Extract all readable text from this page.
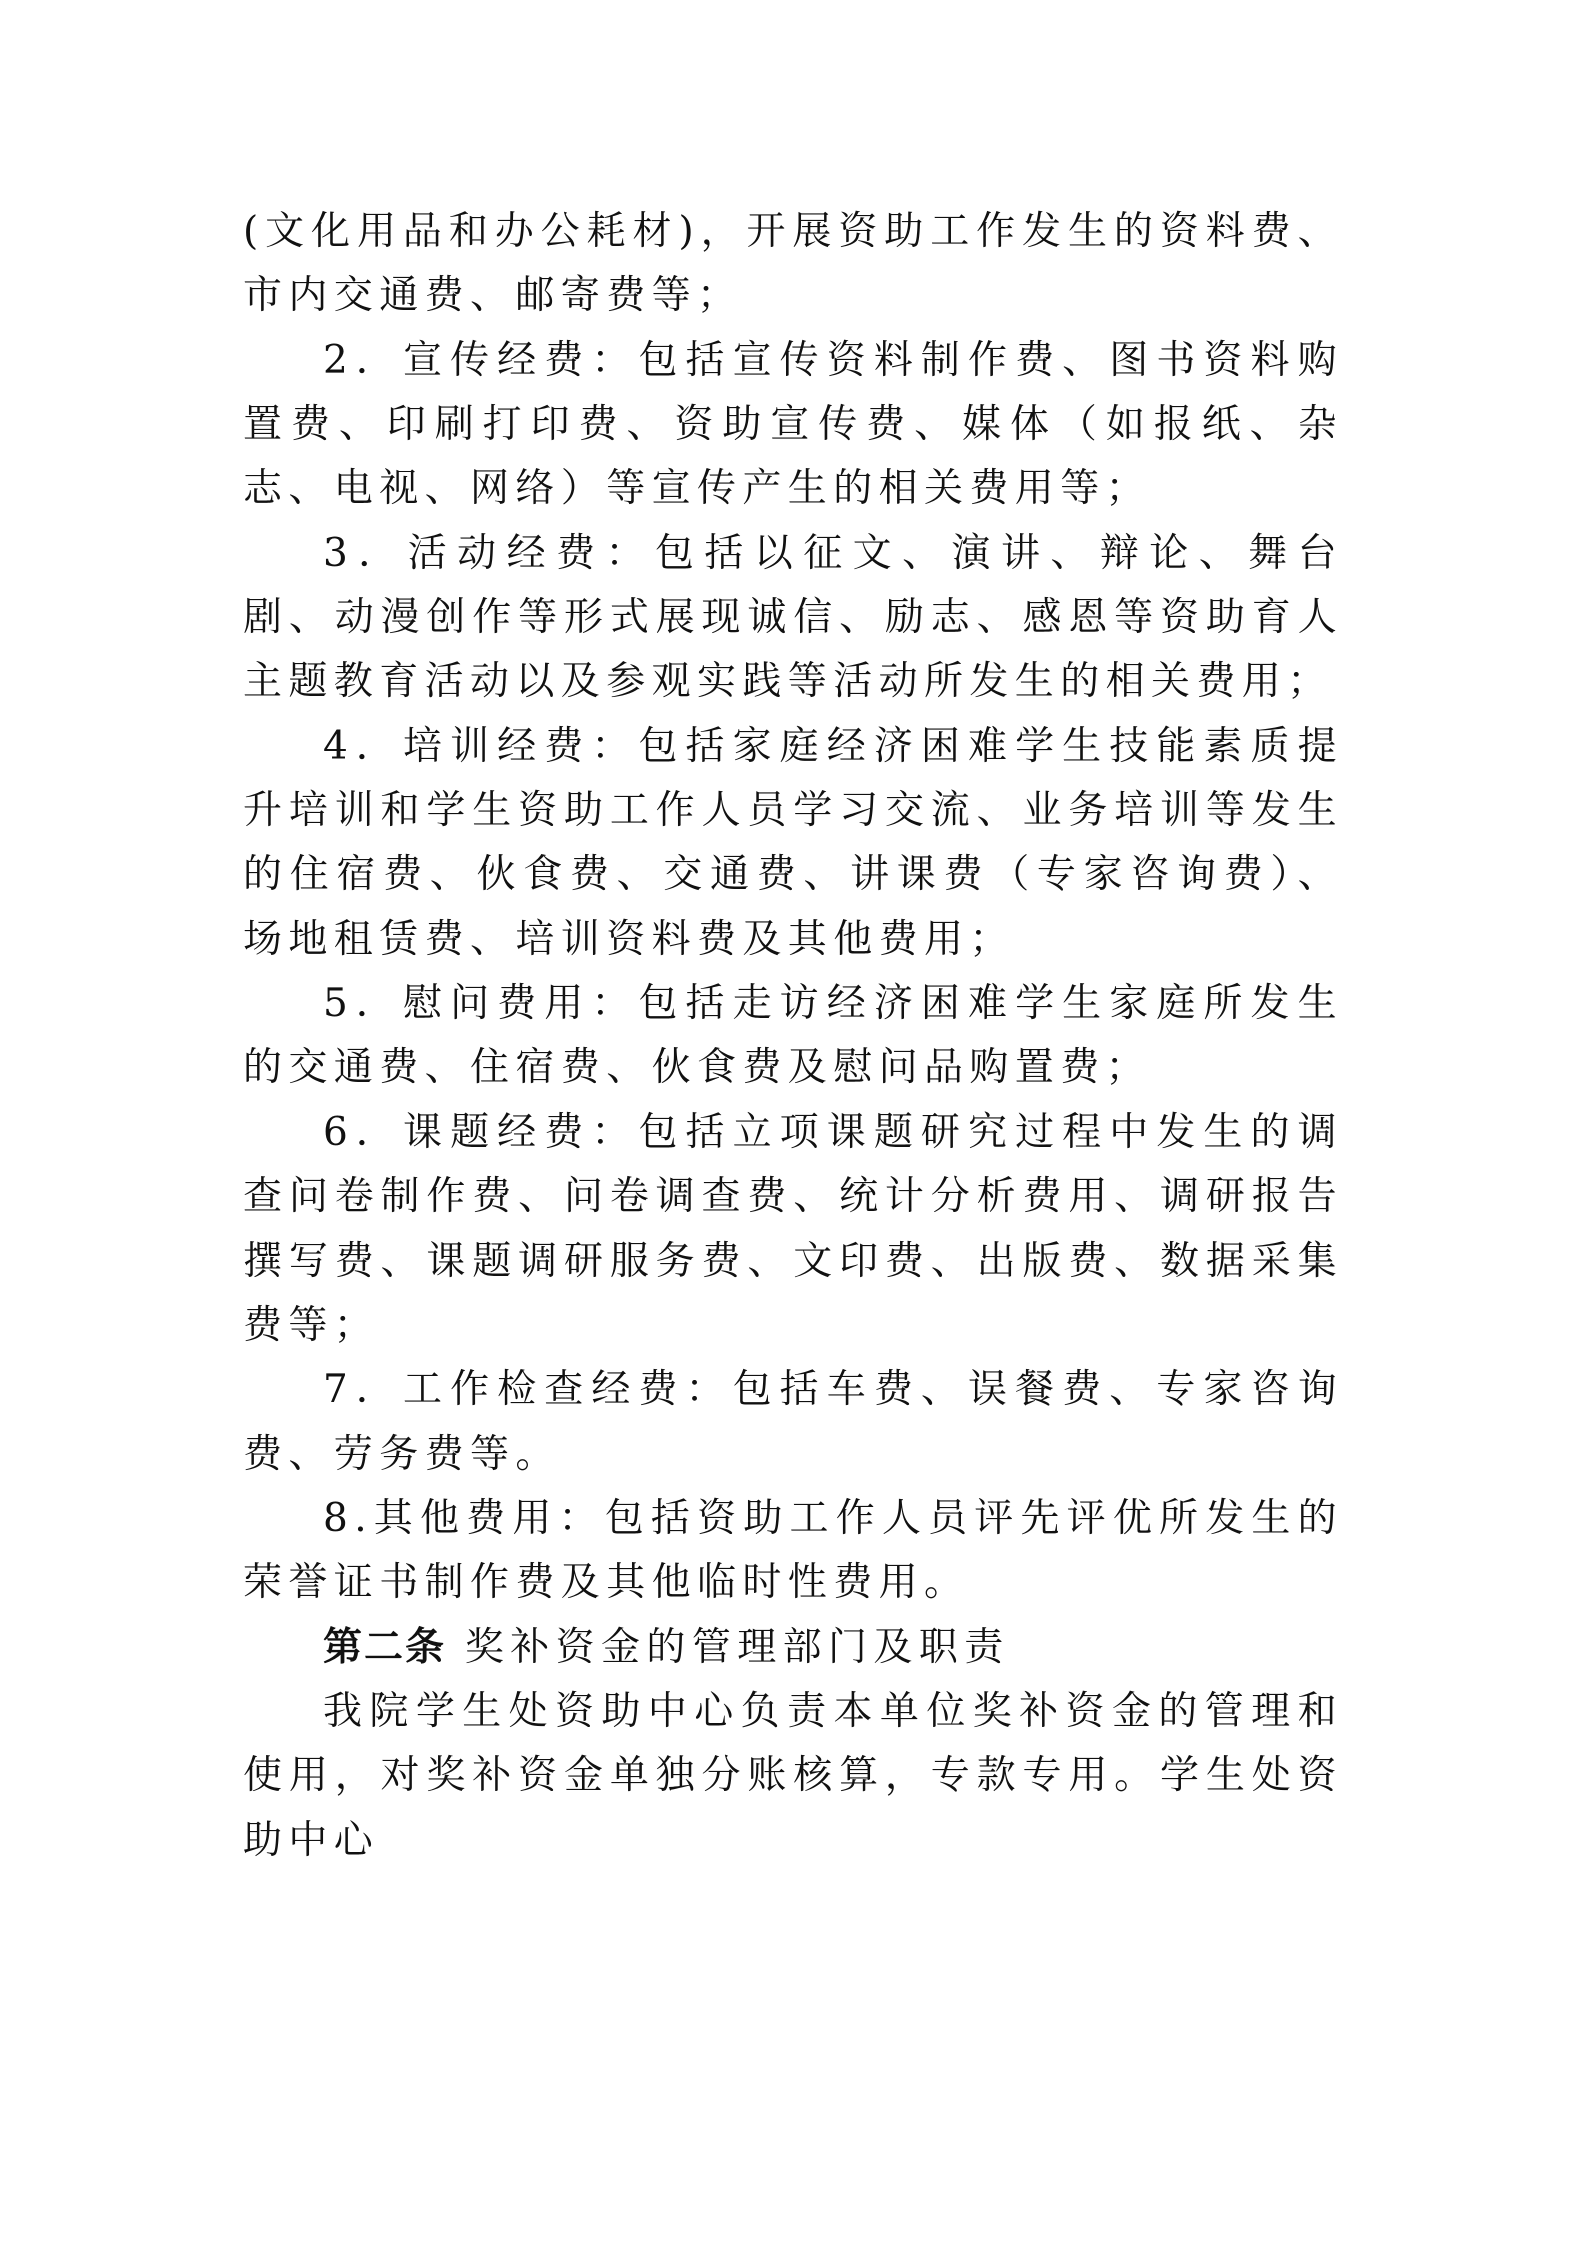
(文化用品和办公耗材)，开展资助工作发生的资料费、市内交通费、邮寄费等；

2．宣传经费：包括宣传资料制作费、图书资料购置费、印刷打印费、资助宣传费、媒体（如报纸、杂志、电视、网络）等宣传产生的相关费用等；

3．活动经费：包括以征文、演讲、辩论、舞台剧、动漫创作等形式展现诚信、励志、感恩等资助育人主题教育活动以及参观实践等活动所发生的相关费用；

4．培训经费：包括家庭经济困难学生技能素质提升培训和学生资助工作人员学习交流、业务培训等发生的住宿费、伙食费、交通费、讲课费（专家咨询费）、场地租赁费、培训资料费及其他费用；

5．慰问费用：包括走访经济困难学生家庭所发生的交通费、住宿费、伙食费及慰问品购置费；

6．课题经费：包括立项课题研究过程中发生的调查问卷制作费、问卷调查费、统计分析费用、调研报告撰写费、课题调研服务费、文印费、出版费、数据采集费等；

7．工作检查经费：包括车费、误餐费、专家咨询费、劳务费等。

8.其他费用：包括资助工作人员评先评优所发生的荣誉证书制作费及其他临时性费用。

第二条 奖补资金的管理部门及职责

我院学生处资助中心负责本单位奖补资金的管理和使用，对奖补资金单独分账核算，专款专用。学生处资助中心
